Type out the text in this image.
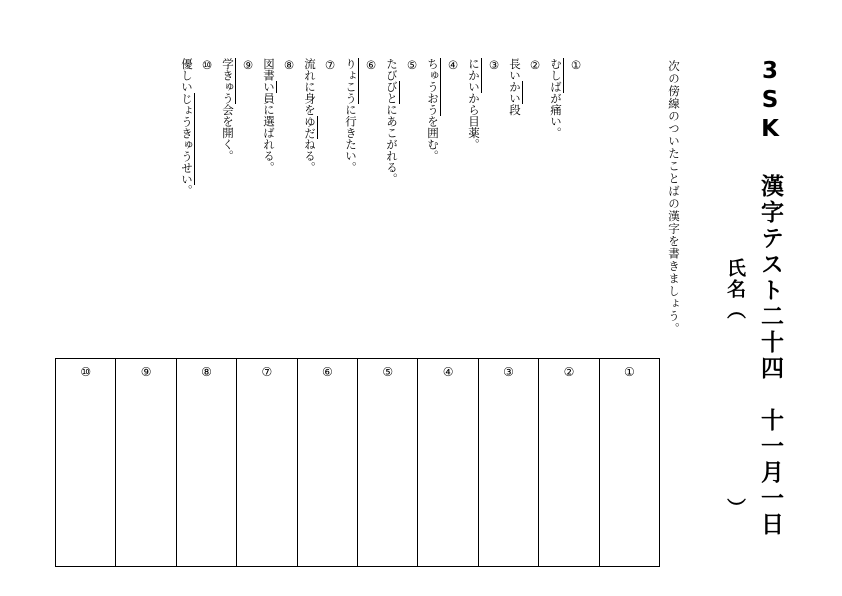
3SK 漢字テスト二十四
十一月一日
氏名（
）
次の傍線のついたことばの漢字を書きましょう。
①
むしばが痛い。
②
長いかい段
③
にかいから目薬。
④
ちゅうおうを囲む。
⑤
たびびとにあこがれる。
⑥
りょこうに行きたい。
⑦
流れに身をゆだねる。
⑧
図書い員に選ばれる。
⑨
学きゅう会を開く。
⑩
優しいじょうきゅうせい。
⑩	⑨	⑧	⑦	⑥	⑤	④	③	②	①
